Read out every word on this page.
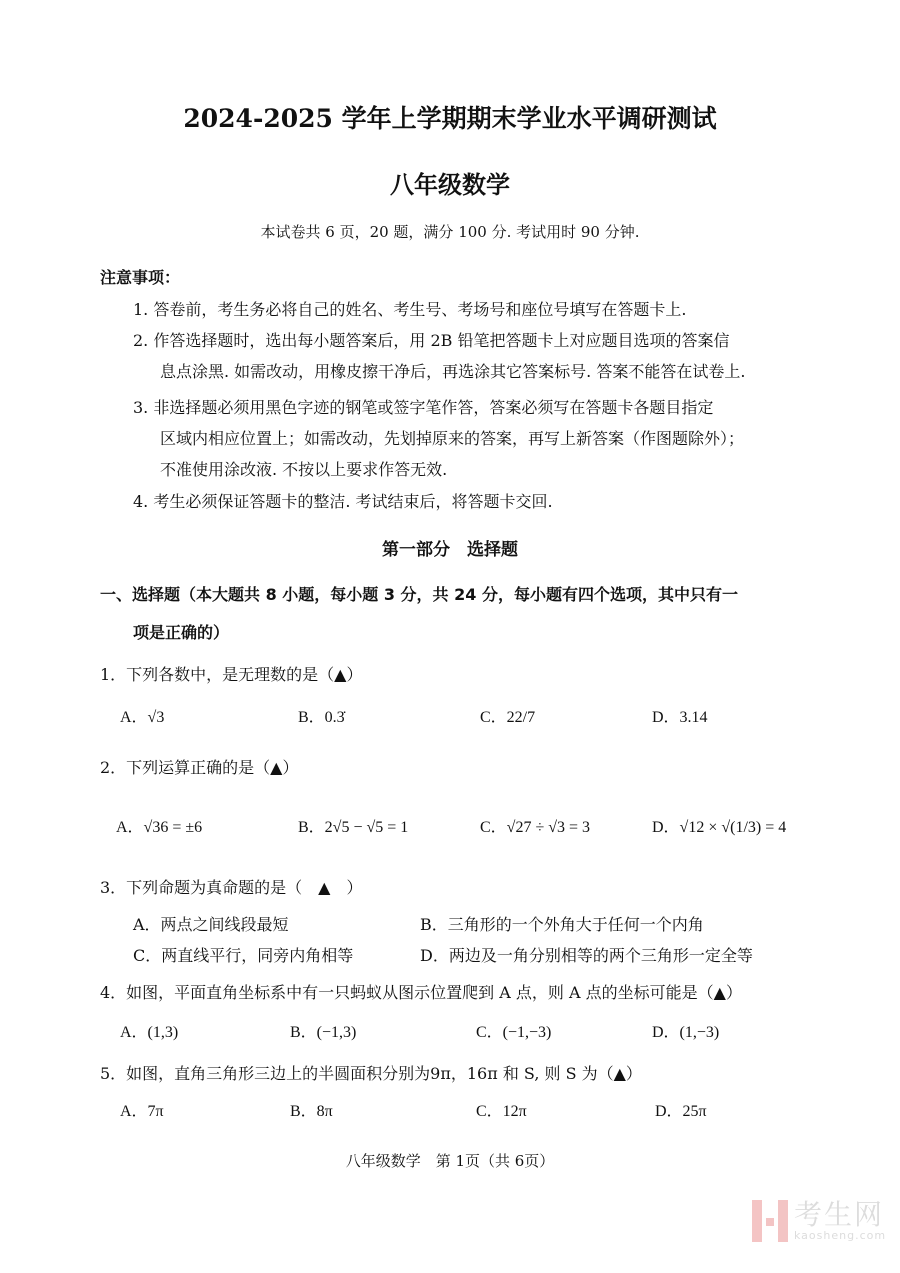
2024-2025 学年上学期期末学业水平调研测试
八年级数学
本试卷共 6 页，20 题，满分 100 分. 考试用时 90 分钟.
注意事项：
1. 答卷前，考生务必将自己的姓名、考生号、考场号和座位号填写在答题卡上.
2. 作答选择题时，选出每小题答案后，用 2B 铅笔把答题卡上对应题目选项的答案信
息点涂黑. 如需改动，用橡皮擦干净后，再选涂其它答案标号. 答案不能答在试卷上.
3. 非选择题必须用黑色字迹的钢笔或签字笔作答，答案必须写在答题卡各题目指定
区域内相应位置上；如需改动，先划掉原来的答案，再写上新答案（作图题除外）；
不准使用涂改液. 不按以上要求作答无效.
4. 考生必须保证答题卡的整洁. 考试结束后，将答题卡交回.
第一部分　选择题
一、选择题（本大题共 8 小题，每小题 3 分，共 24 分，每小题有四个选项，其中只有一
项是正确的）
1．下列各数中，是无理数的是（▲）
A．√3	B．0.3̇	C．22/7	D．3.14
2．下列运算正确的是（▲）
A．√36 = ±6	B．2√5 − √5 = 1	C．√27 ÷ √3 = 3	D．√12 × √(1/3) = 4
3．下列命题为真命题的是（　▲　）
A．两点之间线段最短	B．三角形的一个外角大于任何一个内角
C．两直线平行，同旁内角相等	D．两边及一角分别相等的两个三角形一定全等
4．如图，平面直角坐标系中有一只蚂蚁从图示位置爬到 A 点，则 A 点的坐标可能是（▲）
A．(1,3)	B．(−1,3)	C．(−1,−3)	D．(1,−3)
5．如图，直角三角形三边上的半圆面积分别为9π，16π 和 S, 则 S 为（▲）
A．7π	B．8π	C．12π	D．25π
八年级数学　第 1页（共 6页）
考生网
kaosheng.com
